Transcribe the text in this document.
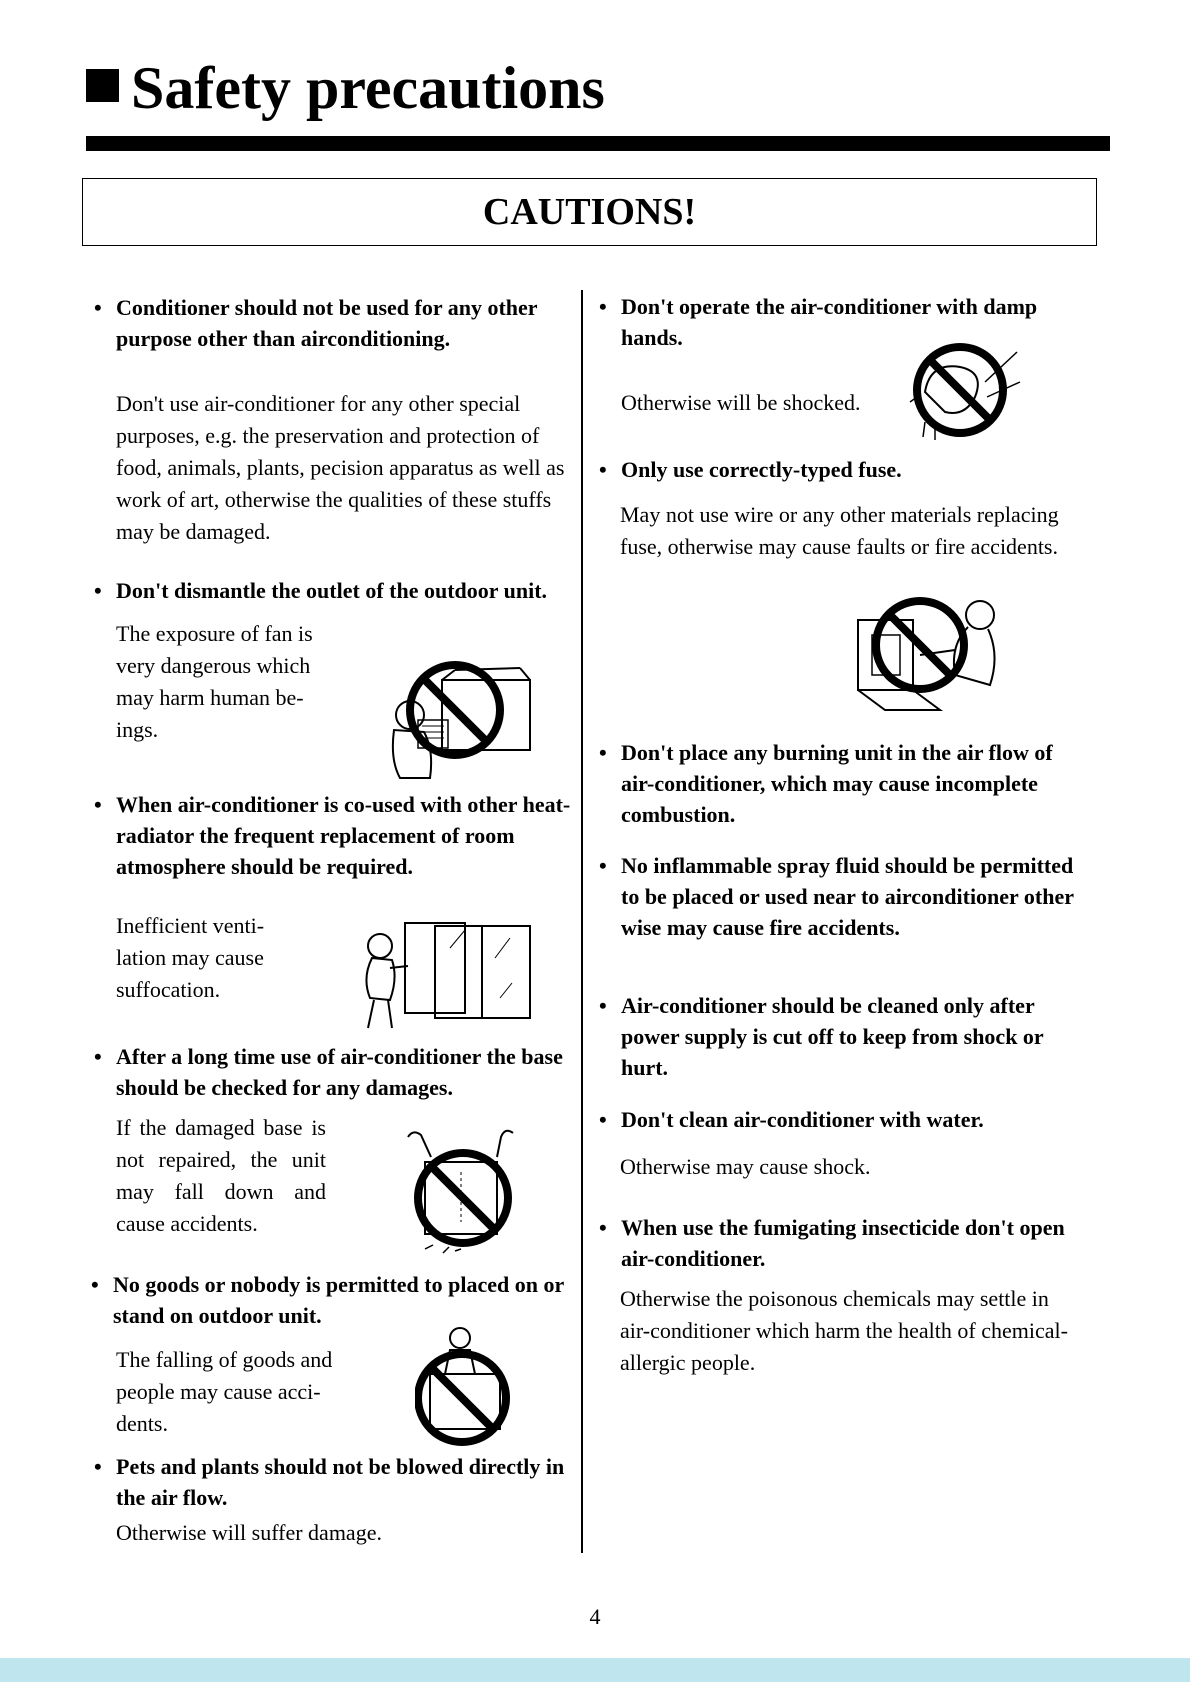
Safety precautions
CAUTIONS!
• Conditioner should not be used for any other purpose other than airconditioning.
Don't use air-conditioner for any other special purposes, e.g. the preservation and protection of food, animals, plants, pecision apparatus as well as work of art, otherwise the qualities of these stuffs may be damaged.
• Don't dismantle the outlet of the outdoor unit.
The exposure of fan is very dangerous which may harm human be-ings.
• When air-conditioner is co-used with other heat-radiator the frequent replacement of room atmosphere should be required.
Inefficient venti-lation may cause suffocation.
• After a long time use of air-conditioner the base should be checked for any damages.
If the damaged base is not repaired, the unit may fall down and cause accidents.
• No goods or nobody is permitted to placed on or stand on outdoor unit.
The falling of goods and people may cause acci-dents.
• Pets and plants should not be blowed directly in the air flow.
Otherwise will suffer damage.
• Don't operate the air-conditioner with damp hands.
Otherwise will be shocked.
• Only use correctly-typed fuse.
May not use wire or any other materials replacing fuse, otherwise may cause faults or fire accidents.
• Don't place any burning unit in the air flow of air-conditioner, which may cause incomplete combustion.
• No inflammable spray fluid should be permitted to be placed or used near to airconditioner other wise may cause fire accidents.
• Air-conditioner should be cleaned only after power supply is cut off to keep from shock or hurt.
• Don't clean air-conditioner with water.
Otherwise may cause shock.
• When use the fumigating insecticide don't open air-conditioner.
Otherwise the poisonous chemicals may settle in air-conditioner which harm the health of chemical-allergic people.
4
